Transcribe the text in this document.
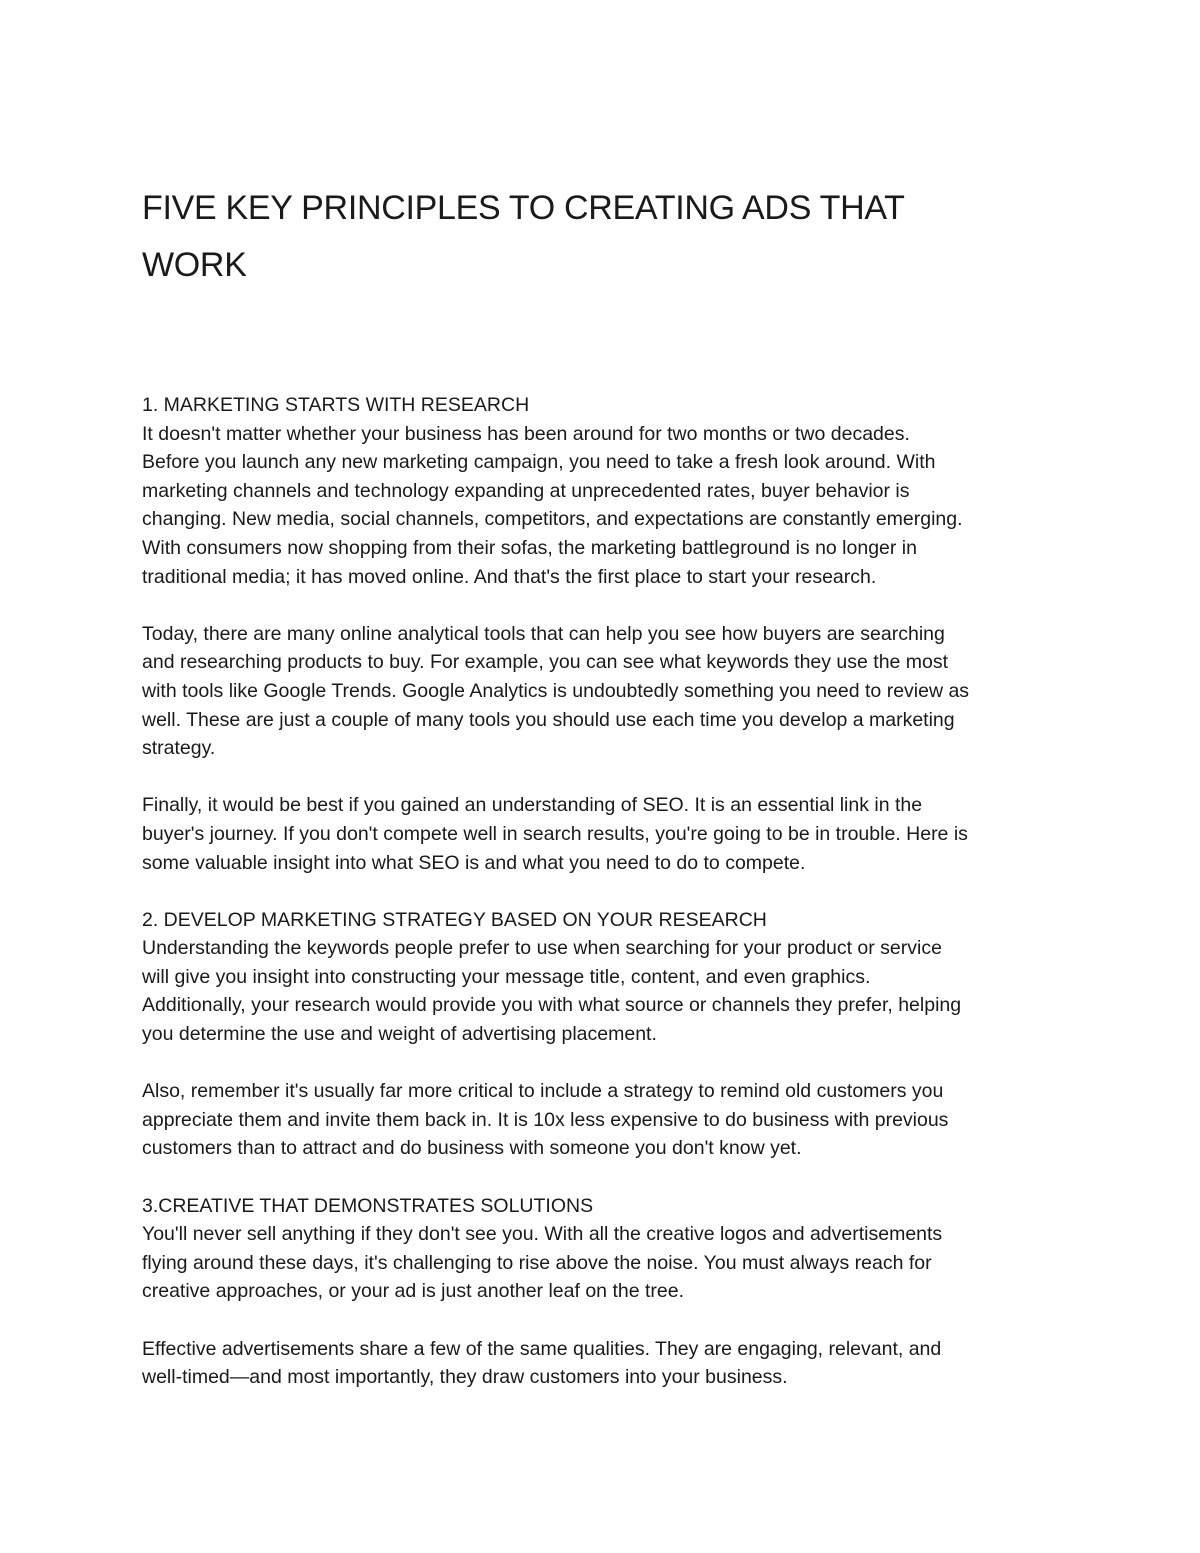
FIVE KEY PRINCIPLES TO CREATING ADS THAT
WORK
1. MARKETING STARTS WITH RESEARCH

It doesn't matter whether your business has been around for two months or two decades.
Before you launch any new marketing campaign, you need to take a fresh look around. With
marketing channels and technology expanding at unprecedented rates, buyer behavior is
changing. New media, social channels, competitors, and expectations are constantly emerging.
With consumers now shopping from their sofas, the marketing battleground is no longer in
traditional media; it has moved online. And that's the first place to start your research.

Today, there are many online analytical tools that can help you see how buyers are searching
and researching products to buy. For example, you can see what keywords they use the most
with tools like Google Trends. Google Analytics is undoubtedly something you need to review as
well. These are just a couple of many tools you should use each time you develop a marketing
strategy.

Finally, it would be best if you gained an understanding of SEO. It is an essential link in the
buyer's journey. If you don't compete well in search results, you're going to be in trouble. Here is
some valuable insight into what SEO is and what you need to do to compete.

2. DEVELOP MARKETING STRATEGY BASED ON YOUR RESEARCH

Understanding the keywords people prefer to use when searching for your product or service
will give you insight into constructing your message title, content, and even graphics.
Additionally, your research would provide you with what source or channels they prefer, helping
you determine the use and weight of advertising placement.

Also, remember it's usually far more critical to include a strategy to remind old customers you
appreciate them and invite them back in. It is 10x less expensive to do business with previous
customers than to attract and do business with someone you don't know yet.

3.CREATIVE THAT DEMONSTRATES SOLUTIONS

You'll never sell anything if they don't see you. With all the creative logos and advertisements
flying around these days, it's challenging to rise above the noise. You must always reach for
creative approaches, or your ad is just another leaf on the tree.

Effective advertisements share a few of the same qualities. They are engaging, relevant, and
well-timed—and most importantly, they draw customers into your business.
